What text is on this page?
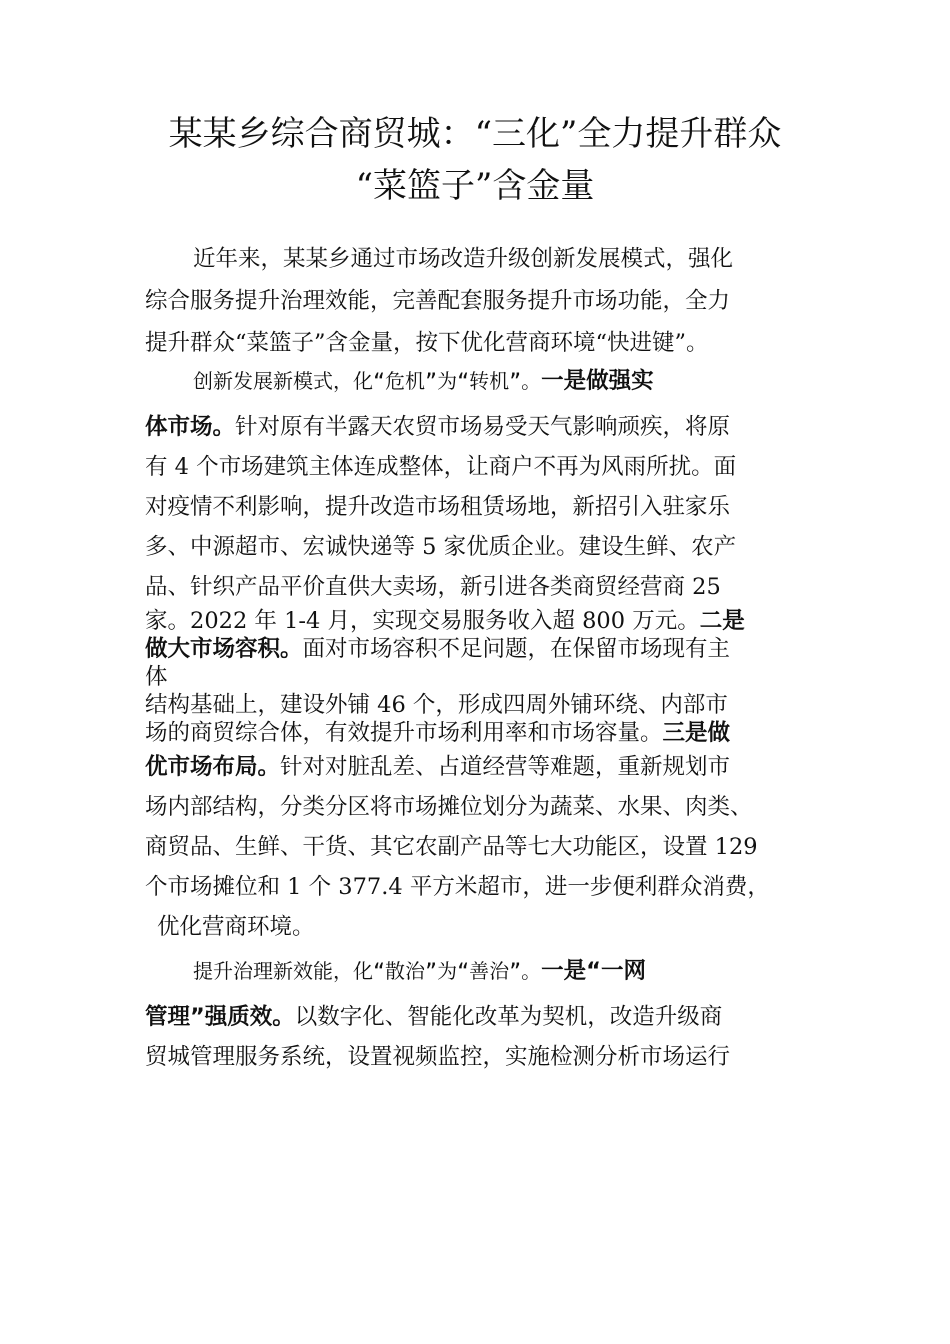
某某乡综合商贸城：“三化”全力提升群众
“菜篮子”含金量
近年来，某某乡通过市场改造升级创新发展模式，强化
综合服务提升治理效能，完善配套服务提升市场功能，全力
提升群众“菜篮子”含金量，按下优化营商环境“快进键”。
创新发展新模式，化“危机”为“转机”。一是做强实
体市场。针对原有半露天农贸市场易受天气影响顽疾，将原
有 4 个市场建筑主体连成整体，让商户不再为风雨所扰。面
对疫情不利影响，提升改造市场租赁场地，新招引入驻家乐
多、中源超市、宏诚快递等 5 家优质企业。建设生鲜、农产
品、针织产品平价直供大卖场，新引进各类商贸经营商 25
家。2022 年 1-4 月，实现交易服务收入超 800 万元。二是
做大市场容积。面对市场容积不足问题，在保留市场现有主
体
结构基础上，建设外铺 46 个，形成四周外铺环绕、内部市
场的商贸综合体，有效提升市场利用率和市场容量。三是做
优市场布局。针对对脏乱差、占道经营等难题，重新规划市
场内部结构，分类分区将市场摊位划分为蔬菜、水果、肉类、
商贸品、生鲜、干货、其它农副产品等七大功能区，设置 129
个市场摊位和 1 个 377.4 平方米超市，进一步便利群众消费，
优化营商环境。
提升治理新效能，化“散治”为“善治”。一是“一网
管理”强质效。以数字化、智能化改革为契机，改造升级商
贸城管理服务系统，设置视频监控，实施检测分析市场运行
